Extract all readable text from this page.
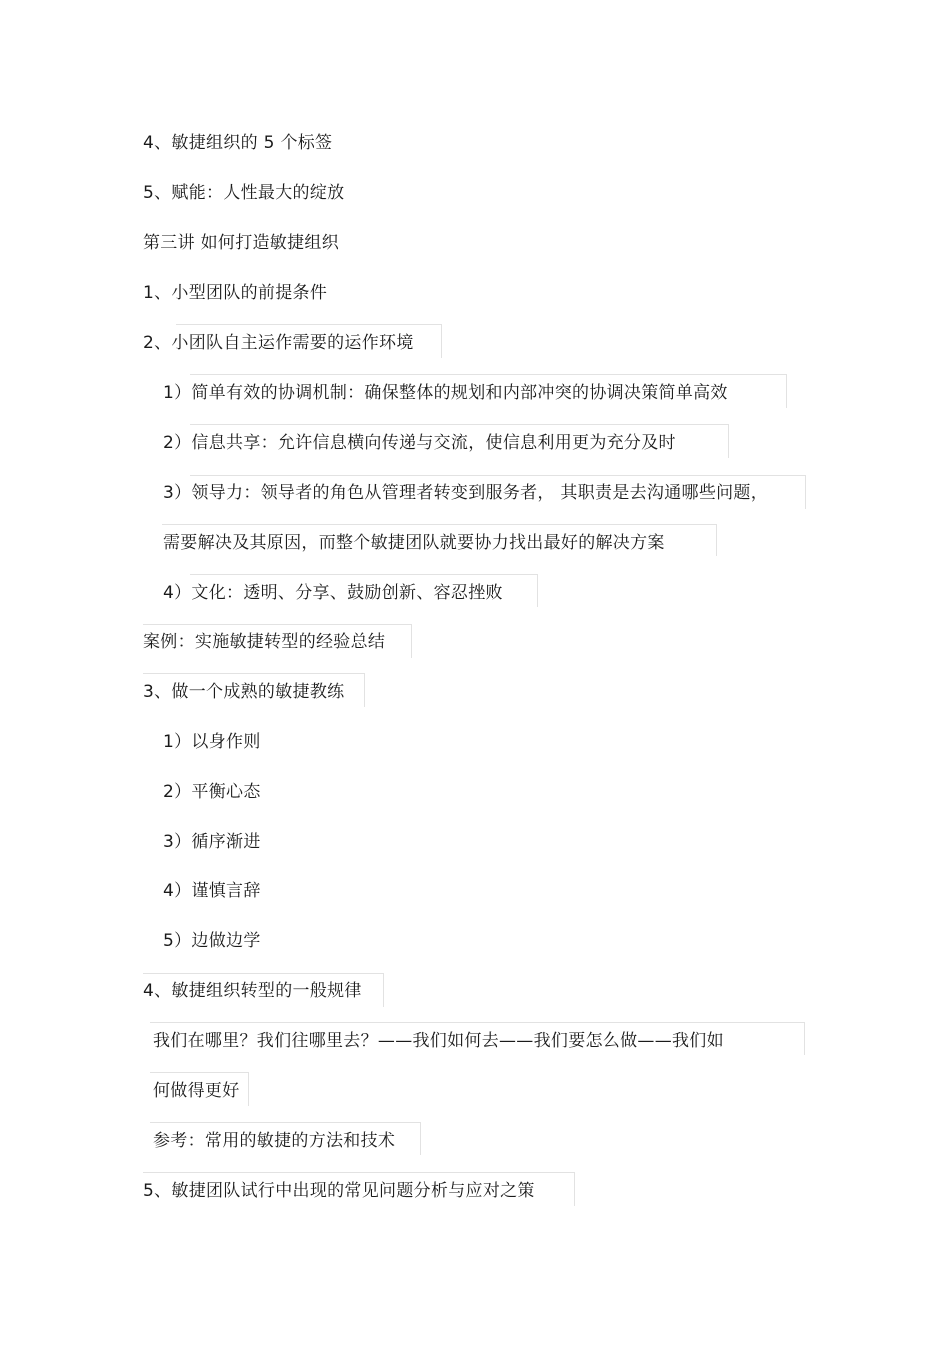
4、敏捷组织的 5 个标签
5、赋能：人性最大的绽放
第三讲 如何打造敏捷组织
1、小型团队的前提条件
2、小团队自主运作需要的运作环境
1）简单有效的协调机制：确保整体的规划和内部冲突的协调决策简单高效
2）信息共享：允许信息横向传递与交流，使信息利用更为充分及时
3）领导力：领导者的角色从管理者转变到服务者， 其职责是去沟通哪些问题，
需要解决及其原因，而整个敏捷团队就要协力找出最好的解决方案
4）文化：透明、分享、鼓励创新、容忍挫败
案例：实施敏捷转型的经验总结
3、做一个成熟的敏捷教练
1）以身作则
2）平衡心态
3）循序渐进
4）谨慎言辞
5）边做边学
4、敏捷组织转型的一般规律
我们在哪里？我们往哪里去？——我们如何去——我们要怎么做——我们如
何做得更好
参考：常用的敏捷的方法和技术
5、敏捷团队试行中出现的常见问题分析与应对之策
